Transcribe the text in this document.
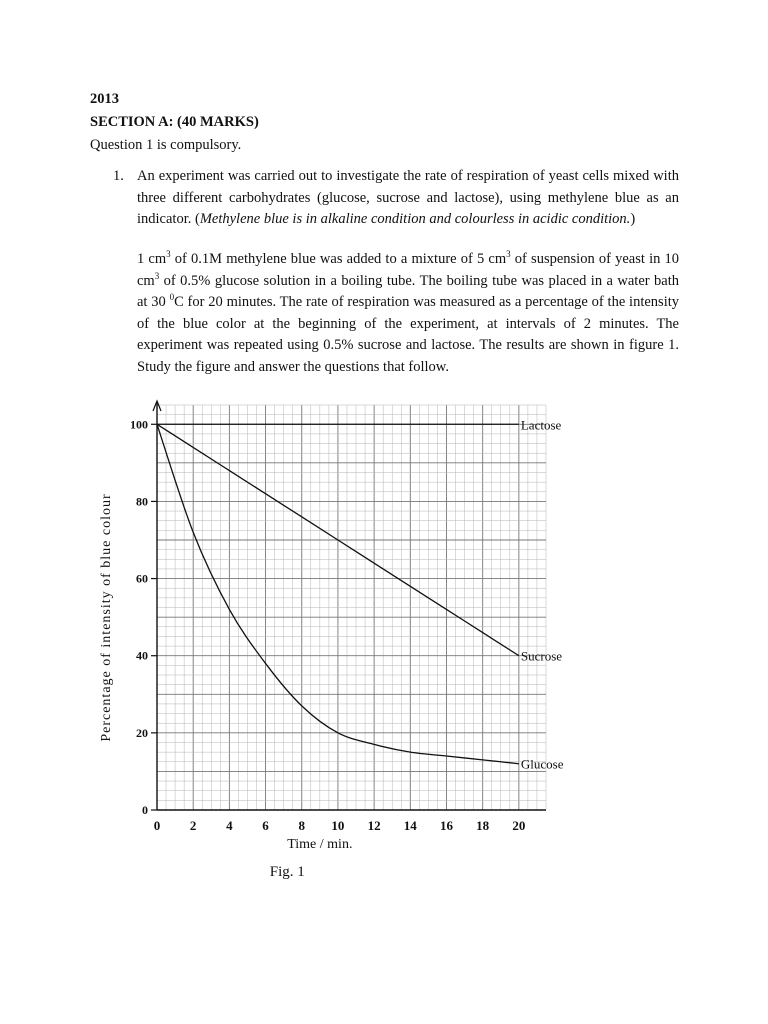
2013
SECTION A: (40 MARKS)
Question 1 is compulsory.
1. An experiment was carried out to investigate the rate of respiration of yeast cells mixed with three different carbohydrates (glucose, sucrose and lactose), using methylene blue as an indicator. (Methylene blue is in alkaline condition and colourless in acidic condition.)
1 $cm^3$ of 0.1M methylene blue was added to a mixture of 5 $cm^3$ of suspension of yeast in 10 $cm^3$ of 0.5% glucose solution in a boiling tube. The boiling tube was placed in a water bath at 30 $^0$C for 20 minutes. The rate of respiration was measured as a percentage of the intensity of the blue color at the beginning of the experiment, at intervals of 2 minutes. The experiment was repeated using 0.5% sucrose and lactose. The results are shown in figure 1. Study the figure and answer the questions that follow.
0 2 4 6 8 10 12 14 16 18 20
0
20
40
60
80
100
Time / min.
Percentage of intensity of blue colour
Lactose
Sucrose
Glucose
Fig. 1
